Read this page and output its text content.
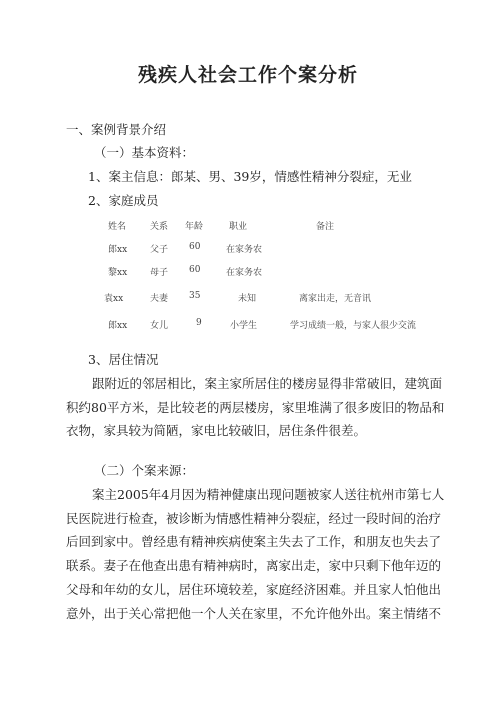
残疾人社会工作个案分析
一、案例背景介绍
（一）基本资料：
1、案主信息：郎某、男、39岁，情感性精神分裂症，无业
2、家庭成员
姓名	关系 年龄	职业	备注
郎xx	父子 60	在家务农
黎xx	母子 60	在家务农
袁xx	夫妻 35	未知	离家出走，无音讯
郎xx	女儿	9	小学生	学习成绩一般，与家人很少交流
3、居住情况
跟附近的邻居相比，案主家所居住的楼房显得非常破旧，建筑面
积约80平方米，是比较老的两层楼房，家里堆满了很多废旧的物品和
衣物，家具较为简陋，家电比较破旧，居住条件很差。
（二）个案来源：
案主2005年4月因为精神健康出现问题被家人送往杭州市第七人
民医院进行检查，被诊断为情感性精神分裂症，经过一段时间的治疗
后回到家中。曾经患有精神疾病使案主失去了工作，和朋友也失去了
联系。妻子在他查出患有精神病时，离家出走，家中只剩下他年迈的
父母和年幼的女儿，居住环境较差，家庭经济困难。并且家人怕他出
意外，出于关心常把他一个人关在家里，不允许他外出。案主情绪不
